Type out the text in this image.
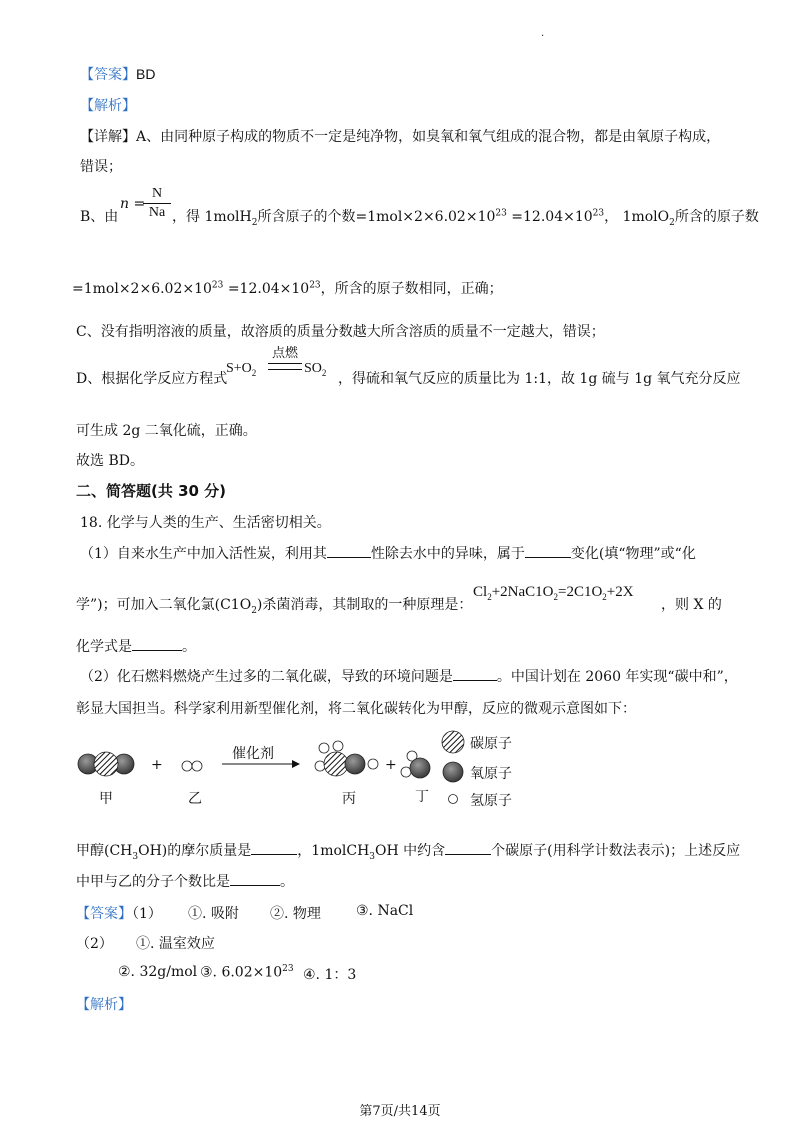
.
【答案】BD
【解析】
【详解】A、由同种原子构成的物质不一定是纯净物，如臭氧和氧气组成的混合物，都是由氧原子构成，
错误；
B、由
n =
N
Na ，得 1molH$_2$所含原子的个数$=1mol\times 2\times 6.02\times 10^{23} =12.04\times 10^{23}$， 1molO$_2$所含的原子数
$=1mol\times 2\times 6.02\times 10^{23} =12.04\times 10^{23}$，所含的原子数相同，正确；
C、没有指明溶液的质量，故溶质的质量分数越大所含溶质的质量不一定越大，错误；
D、根据化学反应方程式
$S+O_2$
点燃
$SO_2$ ，得硫和氧气反应的质量比为 1:1，故 1g 硫与 1g 氧气充分反应
可生成 2g 二氧化硫，正确。
故选 BD。
二、简答题(共 30 分)
18. 化学与人类的生产、生活密切相关。
（1）自来水生产中加入活性炭，利用其	性除去水中的异味，属于	变化(填“物理”或“化
学”)；可加入二氧化氯$(C1O_2)$杀菌消毒，其制取的一种原理是：
$Cl_2+2NaC1O_2=2C1O_2+2X$
，则 X 的
化学式是	。
（2）化石燃料燃烧产生过多的二氧化碳，导致的环境问题是	。中国计划在 2060 年实现“碳中和”，
彰显大国担当。科学家利用新型催化剂，将二氧化碳转化为甲醇，反应的微观示意图如下：
催化剂
+	+
甲	乙	丙	丁
碳原子
氧原子
氢原子
甲醇$(CH_3OH)$的摩尔质量是	，1molCH$_3$OH 中约含	个碳原子(用科学计数法表示)；上述反应
中甲与乙的分子个数比是	。
【答案】（1） ①. 吸附 ②. 物理	③. NaCl
（2） ①. 温室效应
②. 32g/mol ③. $6.02\times 10^{23}$ ④. 1：3
【解析】
第7页/共14页
